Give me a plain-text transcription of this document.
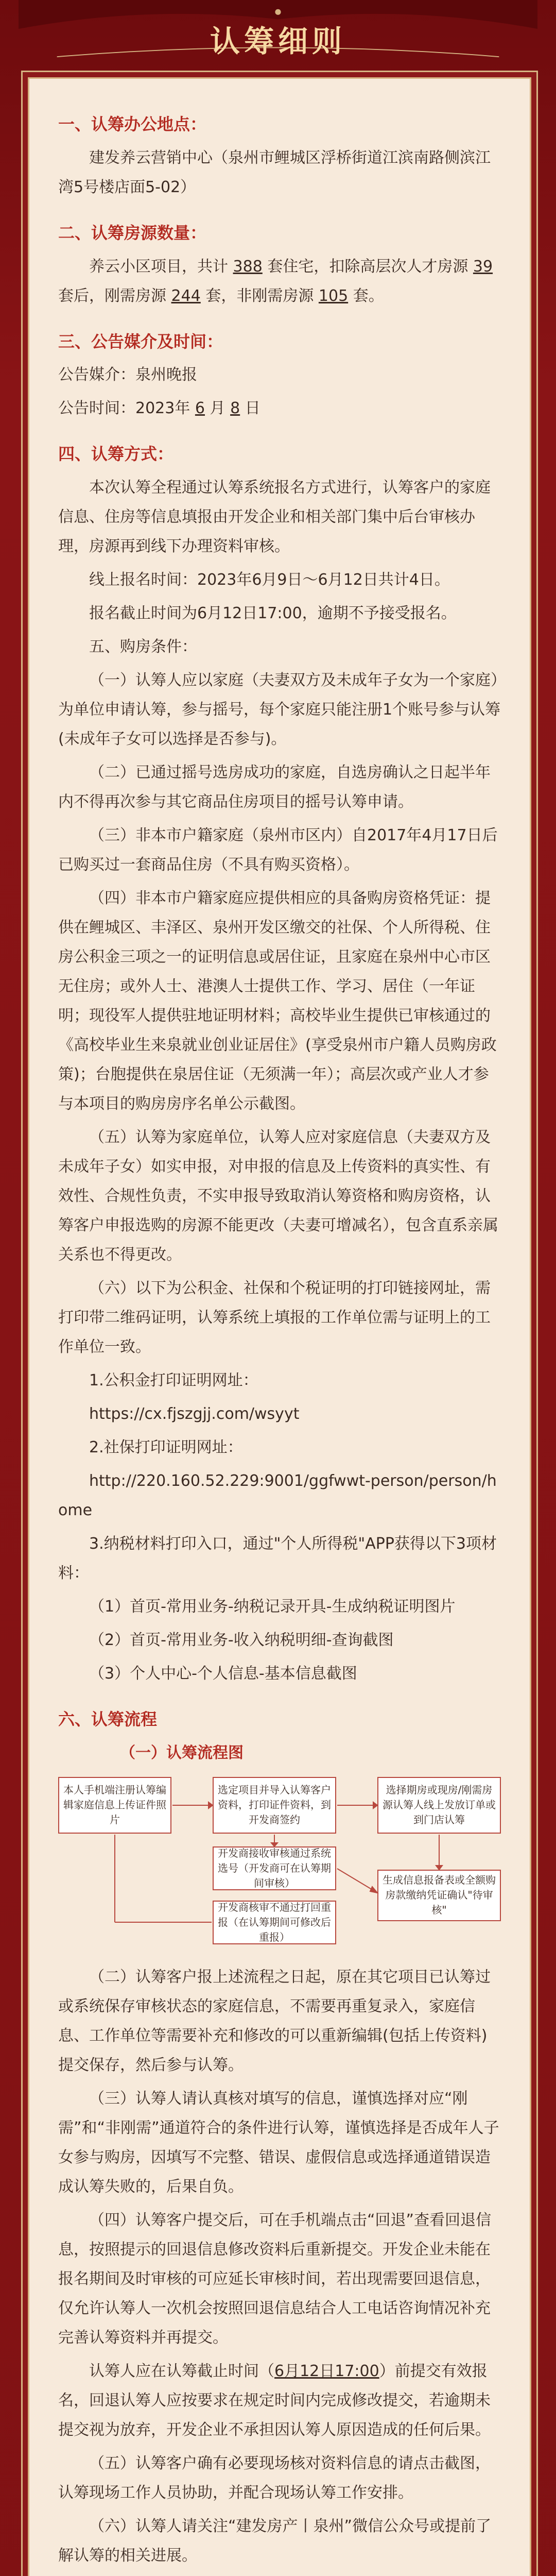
认筹细则
一、认筹办公地点：

建发养云营销中心（泉州市鲤城区浮桥街道江滨南路侧滨江湾5号楼店面5-02）

二、认筹房源数量：

养云小区项目，共计 388 套住宅，扣除高层次人才房源 39 套后，刚需房源 244 套，非刚需房源 105 套。

三、公告媒介及时间：

公告媒介：泉州晚报

公告时间：2023年 6 月 8 日

四、认筹方式：

本次认筹全程通过认筹系统报名方式进行，认筹客户的家庭信息、住房等信息填报由开发企业和相关部门集中后台审核办理，房源再到线下办理资料审核。

线上报名时间：2023年6月9日～6月12日共计4日。

报名截止时间为6月12日17:00，逾期不予接受报名。

五、购房条件：

（一）认筹人应以家庭（夫妻双方及未成年子女为一个家庭）为单位申请认筹，参与摇号，每个家庭只能注册1个账号参与认筹(未成年子女可以选择是否参与)。

（二）已通过摇号选房成功的家庭，自选房确认之日起半年内不得再次参与其它商品住房项目的摇号认筹申请。

（三）非本市户籍家庭（泉州市区内）自2017年4月17日后已购买过一套商品住房（不具有购买资格）。

（四）非本市户籍家庭应提供相应的具备购房资格凭证：提供在鲤城区、丰泽区、泉州开发区缴交的社保、个人所得税、住房公积金三项之一的证明信息或居住证，且家庭在泉州中心市区无住房；或外人士、港澳人士提供工作、学习、居住（一年证明；现役军人提供驻地证明材料；高校毕业生提供已审核通过的《高校毕业生来泉就业创业证居住》(享受泉州市户籍人员购房政策)；台胞提供在泉居住证（无须满一年）；高层次或产业人才参与本项目的购房房序名单公示截图。

（五）认筹为家庭单位，认筹人应对家庭信息（夫妻双方及未成年子女）如实申报，对申报的信息及上传资料的真实性、有效性、合规性负责，不实申报导致取消认筹资格和购房资格，认筹客户申报选购的房源不能更改（夫妻可增减名），包含直系亲属关系也不得更改。

（六）以下为公积金、社保和个税证明的打印链接网址，需打印带二维码证明，认筹系统上填报的工作单位需与证明上的工作单位一致。

1.公积金打印证明网址：

https://cx.fjszgjj.com/wsyyt

2.社保打印证明网址：

http://220.160.52.229:9001/ggfwwt-person/person/home

3.纳税材料打印入口，通过"个人所得税"APP获得以下3项材料：

（1）首页-常用业务-纳税记录开具-生成纳税证明图片

（2）首页-常用业务-收入纳税明细-查询截图

（3）个人中心-个人信息-基本信息截图

六、认筹流程

（一）认筹流程图

本人手机端注册认筹编辑家庭信息上传证件照片
选定项目并导入认筹客户资料，打印证件资料，到开发商签约
选择期房或现房/刚需房源认筹人线上发放订单或到门店认筹
开发商接收审核通过系统选号（开发商可在认筹期间审核）
开发商核审不通过打回重报（在认筹期间可修改后重报）
生成信息报备表或全额购房款缴纳凭证确认"待审核"

（二）认筹客户报上述流程之日起，原在其它项目已认筹过或系统保存审核状态的家庭信息，不需要再重复录入，家庭信息、工作单位等需要补充和修改的可以重新编辑(包括上传资料)提交保存，然后参与认筹。

（三）认筹人请认真核对填写的信息，谨慎选择对应“刚需”和“非刚需”通道符合的条件进行认筹，谨慎选择是否成年人子女参与购房，因填写不完整、错误、虚假信息或选择通道错误造成认筹失败的，后果自负。

（四）认筹客户提交后，可在手机端点击“回退”查看回退信息，按照提示的回退信息修改资料后重新提交。开发企业未能在报名期间及时审核的可应延长审核时间，若出现需要回退信息，仅允许认筹人一次机会按照回退信息结合人工电话咨询情况补充完善认筹资料并再提交。

认筹人应在认筹截止时间（6月12日17:00）前提交有效报名，回退认筹人应按要求在规定时间内完成修改提交，若逾期未提交视为放弃，开发企业不承担因认筹人原因造成的任何后果。

（五）认筹客户确有必要现场核对资料信息的请点击截图，认筹现场工作人员协助，并配合现场认筹工作安排。

（六）认筹人请关注“建发房产丨泉州”微信公众号或提前了解认筹的相关进展。
